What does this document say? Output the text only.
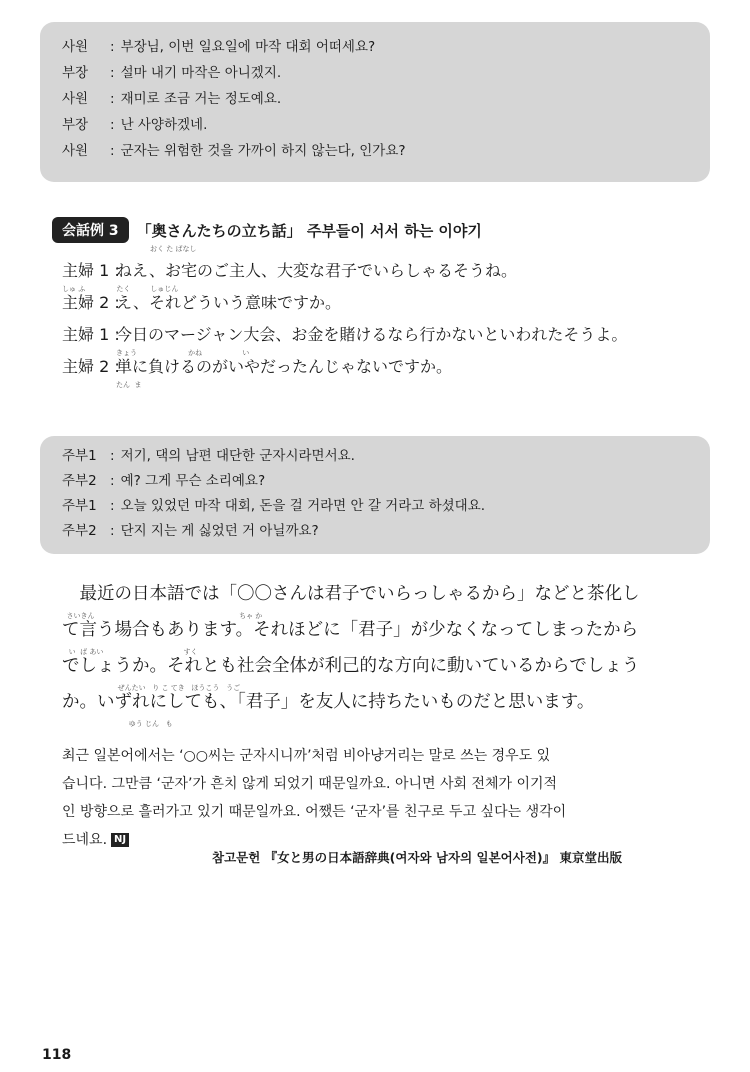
사원 : 부장님, 이번 일요일에 마작 대회 어떠세요?
부장 : 설마 내기 마작은 아니겠지.
사원 : 재미로 조금 거는 정도예요.
부장 : 난 사양하겠네.
사원 : 군자는 위험한 것을 가까이 하지 않는다, 인가요?
会話例 3 「奥さんたちの立ち話」 주부들이 서서 하는 이야기
おく た ばなし
主婦 1 :ねえ、お宅のご主人、大変な君子でいらしゃるそうね。
しゅ ふ              たく         しゅじん
主婦 2 :え、それどういう意味ですか。
主婦 1 :今日のマージャン大会、お金を賭けるなら行かないといわれたそうよ。
きょう                       かね                  い
主婦 2 :単に負けるのがいやだったんじゃないですか。
たん  ま
주부1 : 저기, 댁의 남편 대단한 군자시라면서요.
주부2 : 예? 그게 무슨 소리예요?
주부1 : 오늘 있었던 마작 대회, 돈을 걸 거라면 안 갈 거라고 하셨대요.
주부2 : 단지 지는 게 싫었던 거 아닐까요?
　最近の日本語では「〇〇さんは君子でいらっしゃるから」などと茶化し
さいきん                                                                 ちゃ か
て言う場合もあります。それほどに「君子」が少なくなってしまったから
い  ば あい                                    すく
でしょうか。それとも社会全体が利己的な方向に動いているからでしょう
ぜんたい   り こ てき   ほうこう   うご
か。いずれにしても、「君子」を友人に持ちたいものだと思います。
ゆう じん   も
최근 일본어에서는 ‘○○씨는 군자시니까’처럼 비아냥거리는 말로 쓰는 경우도 있
습니다. 그만큼 ‘군자’가 흔치 않게 되었기 때문일까요. 아니면 사회 전체가 이기적
인 방향으로 흘러가고 있기 때문일까요. 어쨌든 ‘군자’를 친구로 두고 싶다는 생각이
드네요. NJ
참고문헌 『女と男の日本語辞典(여자와 남자의 일본어사전)』 東京堂出版
118
